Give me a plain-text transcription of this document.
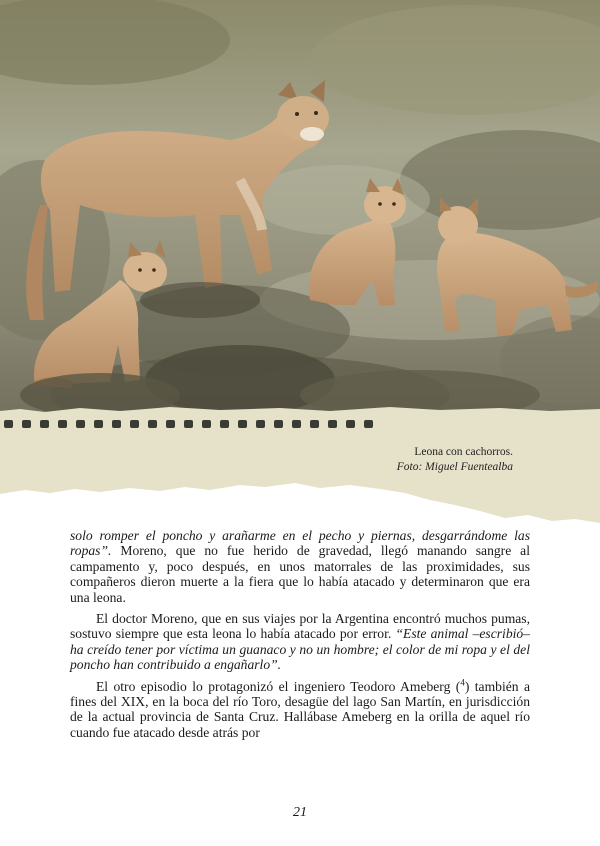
Leona con cachorros.
Foto: Miguel Fuentealba

solo romper el poncho y arañarme en el pecho y piernas, desgarrándome las ropas”. Moreno, que no fue herido de gravedad, llegó manando sangre al campamento y, poco después, en unos matorrales de las proximidades, sus compañeros dieron muerte a la fiera que lo había atacado y determinaron que era una leona.

El doctor Moreno, que en sus viajes por la Argentina encontró muchos pumas, sostuvo siempre que esta leona lo había atacado por error. “Este animal –escribió– ha creído tener por víctima un guanaco y no un hombre; el color de mi ropa y el del poncho han contribuido a engañarlo”.

El otro episodio lo protagonizó el ingeniero Teodoro Ameberg ($^4$) también a fines del XIX, en la boca del río Toro, desagüe del lago San Martín, en jurisdicción de la actual provincia de Santa Cruz. Hallábase Ameberg en la orilla de aquel río cuando fue atacado desde atrás por

21
